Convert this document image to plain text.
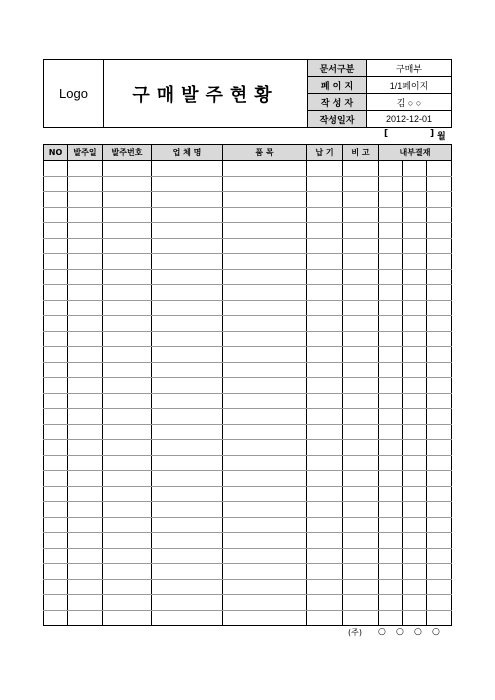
Logo	구매발주현황	문서구분	구매부
		페 이 지	1/1페이지
		작 성 자	김 ○ ○
		작성일자	2012-12-01
[	] 월
NO	발주일	발주번호	업 체 명	품 목	납 기	비 고	내부결재		

(주) ○ ○ ○ ○
